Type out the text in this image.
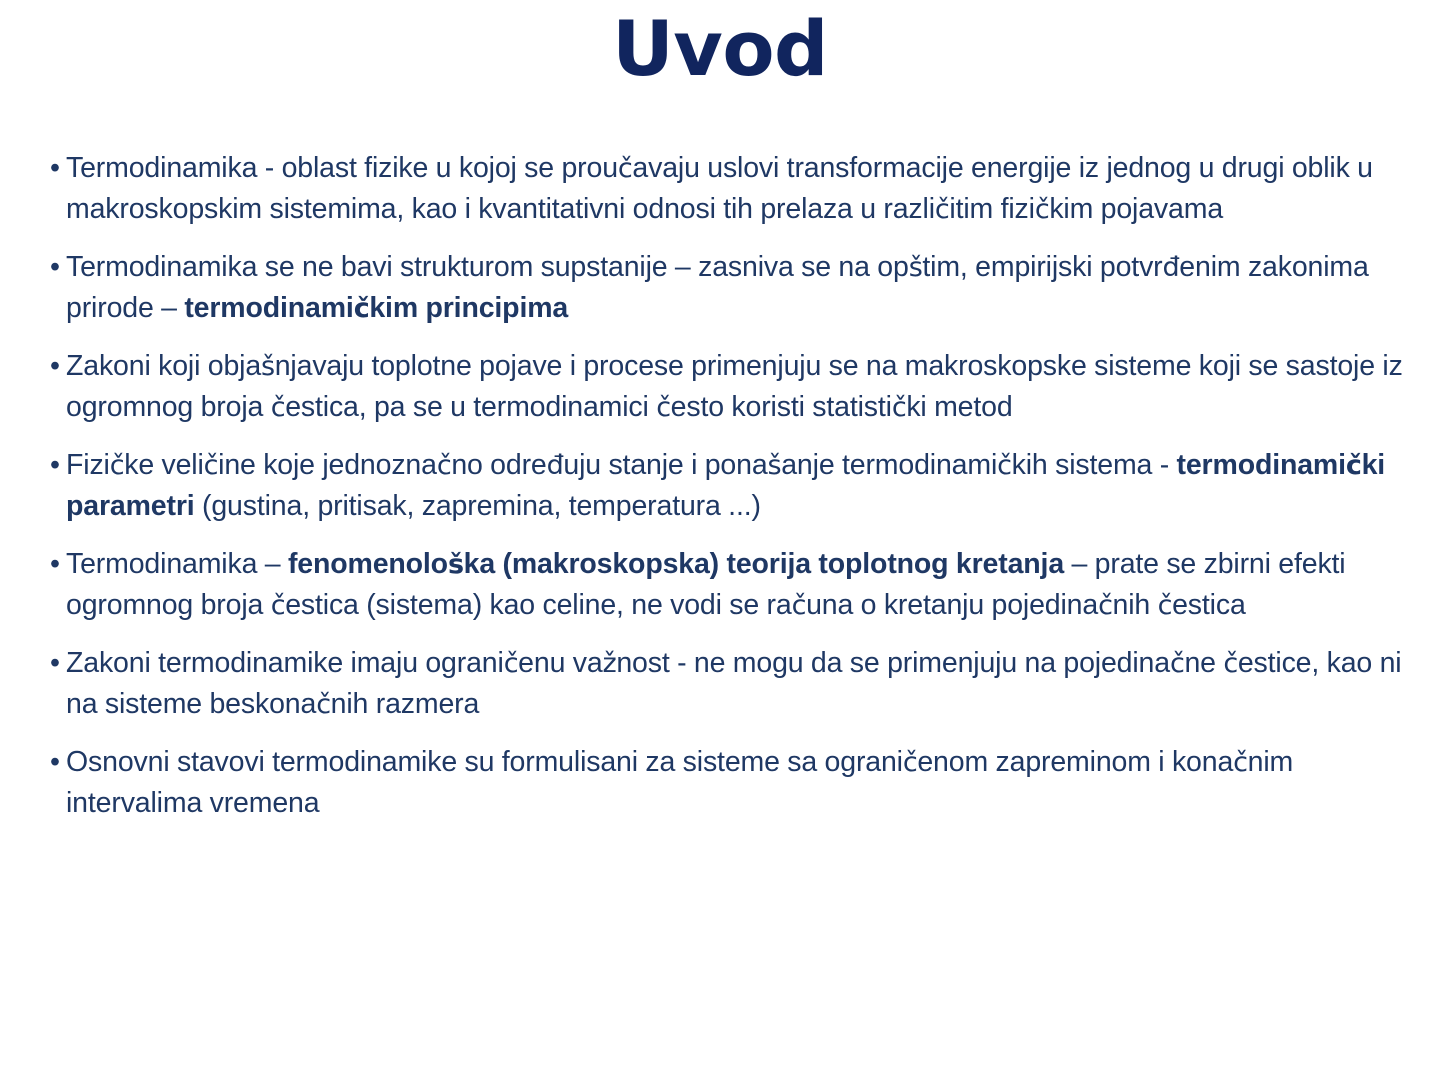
Uvod

• Termodinamika - oblast fizike u kojoj se proučavaju uslovi transformacije energije iz jednog u drugi oblik u makroskopskim sistemima, kao i kvantitativni odnosi tih prelaza u različitim fizičkim pojavama

• Termodinamika se ne bavi strukturom supstanije – zasniva se na opštim, empirijski potvrđenim zakonima prirode – termodinamičkim principima

• Zakoni koji objašnjavaju toplotne pojave i procese primenjuju se na makroskopske sisteme koji se sastoje iz ogromnog broja čestica, pa se u termodinamici često koristi statistički metod

• Fizičke veličine koje jednoznačno određuju stanje i ponašanje termodinamičkih sistema - termodinamički parametri (gustina, pritisak, zapremina, temperatura ...)

• Termodinamika – fenomenološka (makroskopska) teorija toplotnog kretanja – prate se zbirni efekti ogromnog broja čestica (sistema) kao celine, ne vodi se računa o kretanju pojedinačnih čestica

• Zakoni termodinamike imaju ograničenu važnost - ne mogu da se primenjuju na pojedinačne čestice, kao ni na sisteme beskonačnih razmera

• Osnovni stavovi termodinamike su formulisani za sisteme sa ograničenom zapreminom i konačnim intervalima vremena
